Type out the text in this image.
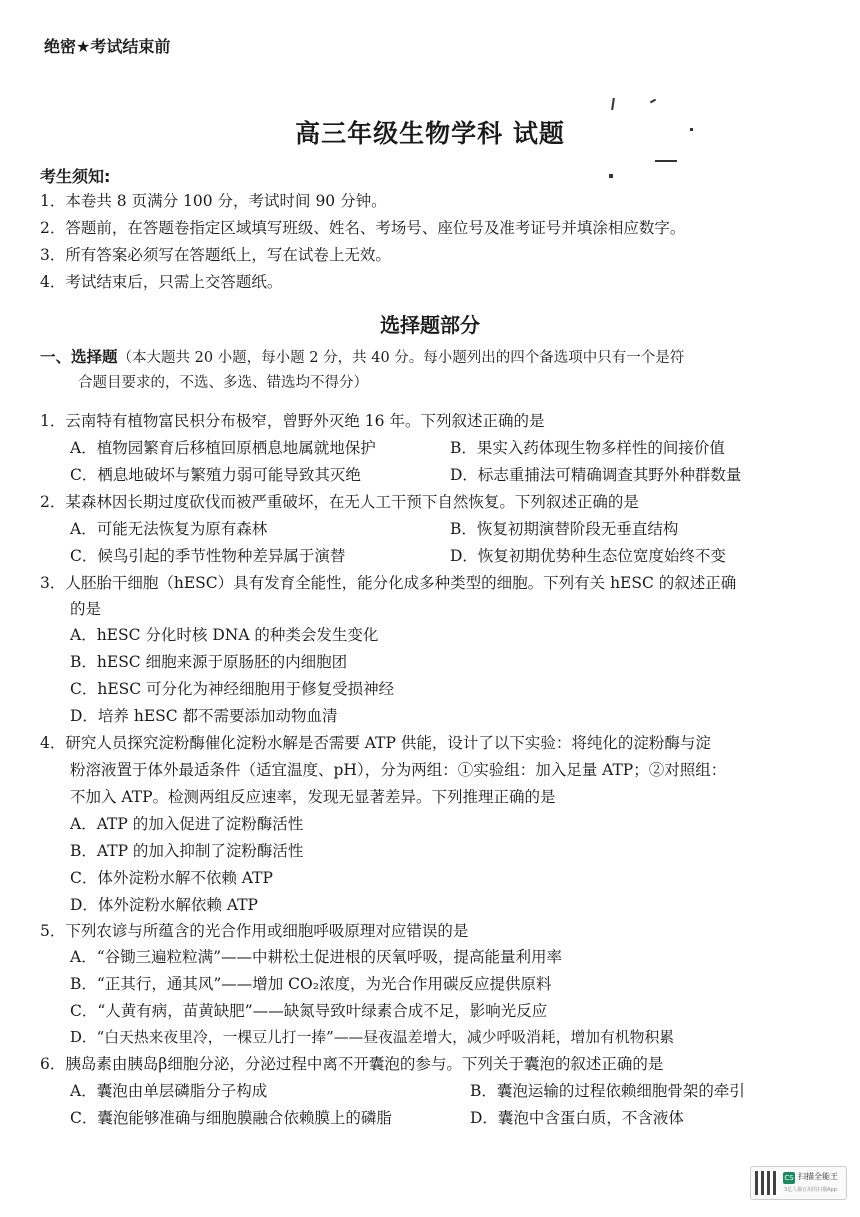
绝密★考试结束前
高三年级生物学科 试题
考生须知:
1．本卷共 8 页满分 100 分，考试时间 90 分钟。
2．答题前，在答题卷指定区域填写班级、姓名、考场号、座位号及准考证号并填涂相应数字。
3．所有答案必须写在答题纸上，写在试卷上无效。
4．考试结束后，只需上交答题纸。
选择题部分
一、选择题（本大题共 20 小题，每小题 2 分，共 40 分。每小题列出的四个备选项中只有一个是符
合题目要求的，不选、多选、错选均不得分）
1．云南特有植物富民枳分布极窄，曾野外灭绝 16 年。下列叙述正确的是
A．植物园繁育后移植回原栖息地属就地保护	B．果实入药体现生物多样性的间接价值
C．栖息地破坏与繁殖力弱可能导致其灭绝	D．标志重捕法可精确调查其野外种群数量
2．某森林因长期过度砍伐而被严重破坏，在无人工干预下自然恢复。下列叙述正确的是
A．可能无法恢复为原有森林	B．恢复初期演替阶段无垂直结构
C．候鸟引起的季节性物种差异属于演替	D．恢复初期优势种生态位宽度始终不变
3．人胚胎干细胞（hESC）具有发育全能性，能分化成多种类型的细胞。下列有关 hESC 的叙述正确
的是
A．hESC 分化时核 DNA 的种类会发生变化
B．hESC 细胞来源于原肠胚的内细胞团
C．hESC 可分化为神经细胞用于修复受损神经
D．培养 hESC 都不需要添加动物血清
4．研究人员探究淀粉酶催化淀粉水解是否需要 ATP 供能，设计了以下实验：将纯化的淀粉酶与淀
粉溶液置于体外最适条件（适宜温度、pH），分为两组：①实验组：加入足量 ATP；②对照组：
不加入 ATP。检测两组反应速率，发现无显著差异。下列推理正确的是
A．ATP 的加入促进了淀粉酶活性
B．ATP 的加入抑制了淀粉酶活性
C．体外淀粉水解不依赖 ATP
D．体外淀粉水解依赖 ATP
5．下列农谚与所蕴含的光合作用或细胞呼吸原理对应错误的是
A．“谷锄三遍粒粒满”——中耕松土促进根的厌氧呼吸，提高能量利用率
B．“正其行，通其风”——增加 CO₂浓度，为光合作用碳反应提供原料
C．“人黄有病，苗黄缺肥”——缺氮导致叶绿素合成不足，影响光反应
D．“白天热来夜里冷，一棵豆儿打一捧”——昼夜温差增大，减少呼吸消耗，增加有机物积累
6．胰岛素由胰岛β细胞分泌，分泌过程中离不开囊泡的参与。下列关于囊泡的叙述正确的是
A．囊泡由单层磷脂分子构成	B．囊泡运输的过程依赖细胞骨架的牵引
C．囊泡能够准确与细胞膜融合依赖膜上的磷脂	D．囊泡中含蛋白质，不含液体
CS 扫描全能王
3亿人都在用的扫描App
